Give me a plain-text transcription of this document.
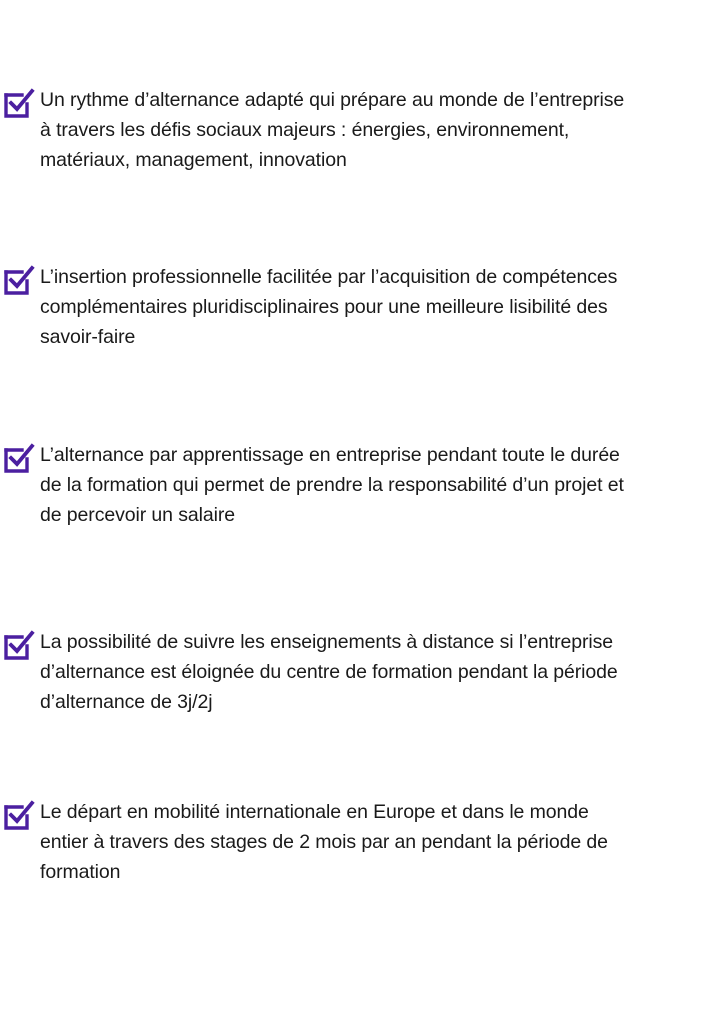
Un rythme d’alternance adapté qui prépare au monde de l’entreprise
à travers les défis sociaux majeurs : énergies, environnement,
matériaux, management, innovation
L’insertion professionnelle facilitée par l’acquisition de compétences
complémentaires pluridisciplinaires pour une meilleure lisibilité des
savoir-faire
L’alternance par apprentissage en entreprise pendant toute le durée
de la formation qui permet de prendre la responsabilité d’un projet et
de percevoir un salaire
La possibilité de suivre les enseignements à distance si l’entreprise
d’alternance est éloignée du centre de formation pendant la période
d’alternance de 3j/2j
Le départ en mobilité internationale en Europe et dans le monde
entier à travers des stages de 2 mois par an pendant la période de
formation
